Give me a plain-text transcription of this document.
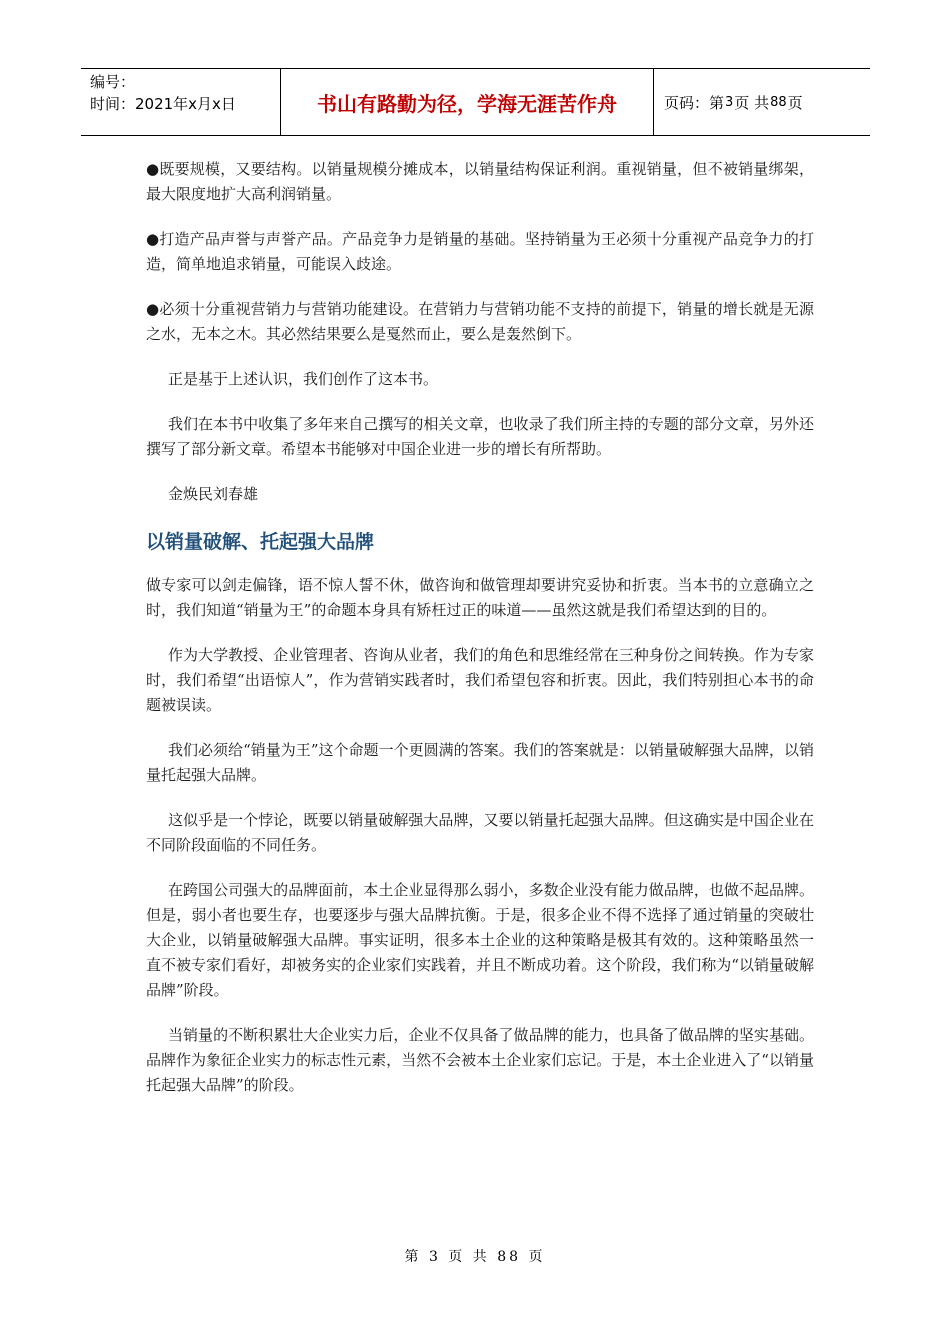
编号：
时间：2021年x月x日	书山有路勤为径，学海无涯苦作舟	页码：第 3 页 共 88 页

●既要规模，又要结构。以销量规模分摊成本，以销量结构保证利润。重视销量，但不被销量绑架，最大限度地扩大高利润销量。

●打造产品声誉与声誉产品。产品竞争力是销量的基础。坚持销量为王必须十分重视产品竞争力的打造，简单地追求销量，可能误入歧途。

●必须十分重视营销力与营销功能建设。在营销力与营销功能不支持的前提下，销量的增长就是无源之水，无本之木。其必然结果要么是戛然而止，要么是轰然倒下。

正是基于上述认识，我们创作了这本书。

我们在本书中收集了多年来自己撰写的相关文章，也收录了我们所主持的专题的部分文章，另外还撰写了部分新文章。希望本书能够对中国企业进一步的增长有所帮助。

金焕民刘春雄

以销量破解、托起强大品牌

做专家可以剑走偏锋，语不惊人誓不休，做咨询和做管理却要讲究妥协和折衷。当本书的立意确立之时，我们知道“销量为王”的命题本身具有矫枉过正的味道——虽然这就是我们希望达到的目的。

作为大学教授、企业管理者、咨询从业者，我们的角色和思维经常在三种身份之间转换。作为专家时，我们希望“出语惊人”，作为营销实践者时，我们希望包容和折衷。因此，我们特别担心本书的命题被误读。

我们必须给“销量为王”这个命题一个更圆满的答案。我们的答案就是：以销量破解强大品牌，以销量托起强大品牌。

这似乎是一个悖论，既要以销量破解强大品牌，又要以销量托起强大品牌。但这确实是中国企业在不同阶段面临的不同任务。

在跨国公司强大的品牌面前，本土企业显得那么弱小，多数企业没有能力做品牌，也做不起品牌。但是，弱小者也要生存，也要逐步与强大品牌抗衡。于是，很多企业不得不选择了通过销量的突破壮大企业，以销量破解强大品牌。事实证明，很多本土企业的这种策略是极其有效的。这种策略虽然一直不被专家们看好，却被务实的企业家们实践着，并且不断成功着。这个阶段，我们称为“以销量破解品牌”阶段。

当销量的不断积累壮大企业实力后，企业不仅具备了做品牌的能力，也具备了做品牌的坚实基础。品牌作为象征企业实力的标志性元素，当然不会被本土企业家们忘记。于是，本土企业进入了“以销量托起强大品牌”的阶段。

第 3 页 共 88 页
